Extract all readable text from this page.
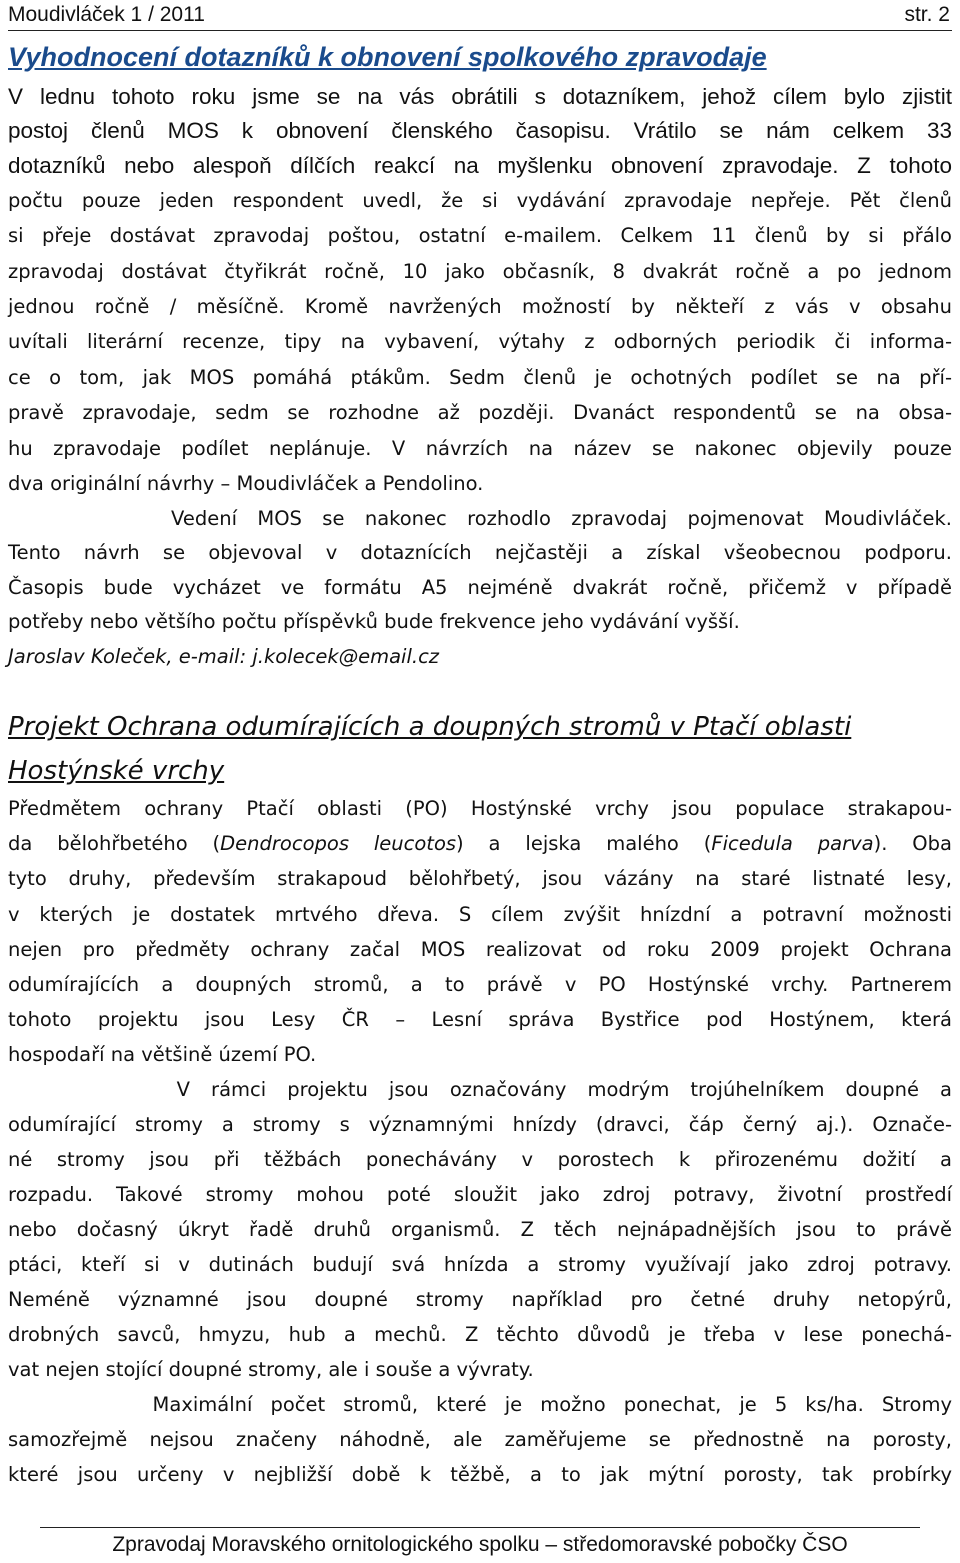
Moudivláček 1 / 2011	str. 2
Vyhodnocení dotazníků k obnovení spolkového zpravodaje
V lednu tohoto roku jsme se na vás obrátili s dotazníkem, jehož cílem bylo zjistit
postoj členů MOS k obnovení členského časopisu. Vrátilo se nám celkem 33
dotazníků nebo alespoň dílčích reakcí na myšlenku obnovení zpravodaje. Z tohoto
počtu pouze jeden respondent uvedl, že si vydávání zpravodaje nepřeje. Pět členů
si přeje dostávat zpravodaj poštou, ostatní e-mailem. Celkem 11 členů by si přálo
zpravodaj dostávat čtyřikrát ročně, 10 jako občasník, 8 dvakrát ročně a po jednom
jednou ročně / měsíčně. Kromě navržených možností by někteří z vás v obsahu
uvítali literární recenze, tipy na vybavení, výtahy z odborných periodik či informa-
ce o tom, jak MOS pomáhá ptákům. Sedm členů je ochotných podílet se na pří-
pravě zpravodaje, sedm se rozhodne až později. Dvanáct respondentů se na obsa-
hu zpravodaje podílet neplánuje. V návrzích na název se nakonec objevily pouze
dva originální návrhy – Moudivláček a Pendolino.
Vedení MOS se nakonec rozhodlo zpravodaj pojmenovat Moudivláček.
Tento návrh se objevoval v dotaznících nejčastěji a získal všeobecnou podporu.
Časopis bude vycházet ve formátu A5 nejméně dvakrát ročně, přičemž v případě
potřeby nebo většího počtu příspěvků bude frekvence jeho vydávání vyšší.
Jaroslav Koleček, e-mail: j.kolecek@email.cz
Projekt Ochrana odumírajících a doupných stromů v Ptačí oblasti
Hostýnské vrchy
Předmětem ochrany Ptačí oblasti (PO) Hostýnské vrchy jsou populace strakapou-
da bělohřbetého (Dendrocopos leucotos) a lejska malého (Ficedula parva). Oba
tyto druhy, především strakapoud bělohřbetý, jsou vázány na staré listnaté lesy,
v kterých je dostatek mrtvého dřeva. S cílem zvýšit hnízdní a potravní možnosti
nejen pro předměty ochrany začal MOS realizovat od roku 2009 projekt Ochrana
odumírajících a doupných stromů, a to právě v PO Hostýnské vrchy. Partnerem
tohoto projektu jsou Lesy ČR – Lesní správa Bystřice pod Hostýnem, která
hospodaří na většině území PO.
V rámci projektu jsou označovány modrým trojúhelníkem doupné a
odumírající stromy a stromy s významnými hnízdy (dravci, čáp černý aj.). Označe-
né stromy jsou při těžbách ponechávány v porostech k přirozenému dožití a
rozpadu. Takové stromy mohou poté sloužit jako zdroj potravy, životní prostředí
nebo dočasný úkryt řadě druhů organismů. Z těch nejnápadnějších jsou to právě
ptáci, kteří si v dutinách budují svá hnízda a stromy využívají jako zdroj potravy.
Neméně významné jsou doupné stromy například pro četné druhy netopýrů,
drobných savců, hmyzu, hub a mechů. Z těchto důvodů je třeba v lese ponechá-
vat nejen stojící doupné stromy, ale i souše a vývraty.
Maximální počet stromů, které je možno ponechat, je 5 ks/ha. Stromy
samozřejmě nejsou značeny náhodně, ale zaměřujeme se přednostně na porosty,
které jsou určeny v nejbližší době k těžbě, a to jak mýtní porosty, tak probírky
Zpravodaj Moravského ornitologického spolku – středomoravské pobočky ČSO
